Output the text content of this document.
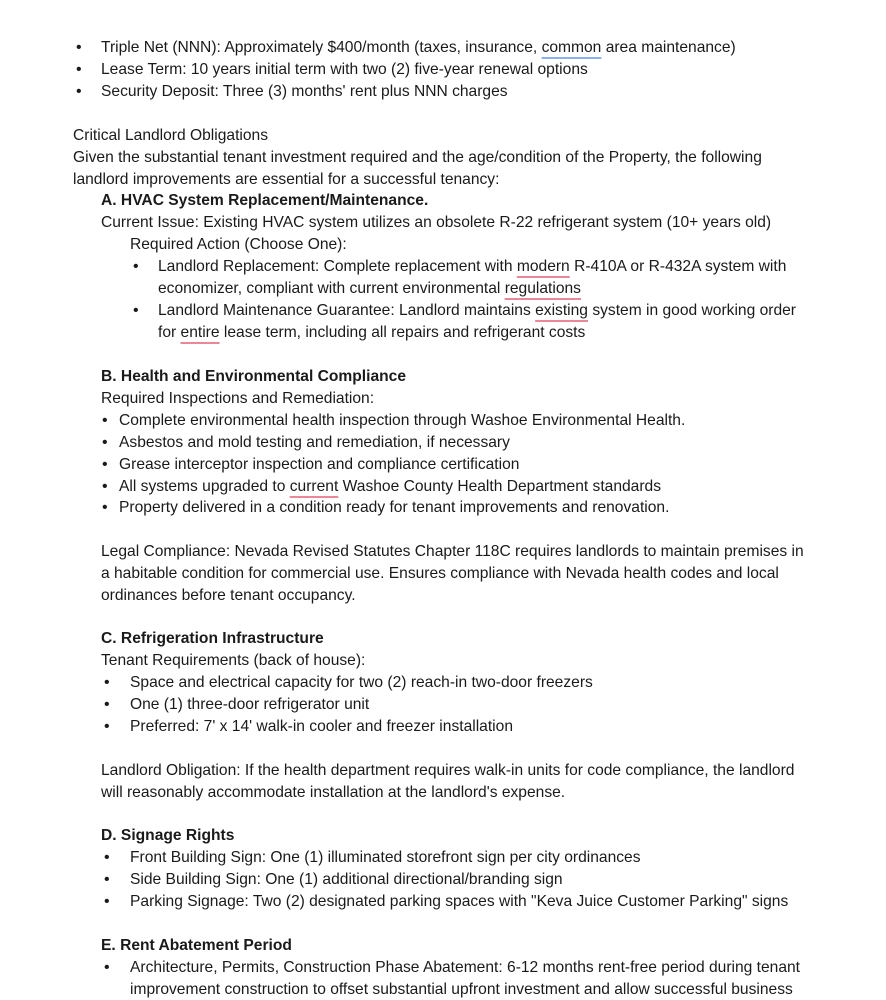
• Triple Net (NNN): Approximately $400/month (taxes, insurance, common area maintenance)
• Lease Term: 10 years initial term with two (2) five-year renewal options
• Security Deposit: Three (3) months' rent plus NNN charges
Critical Landlord Obligations
Given the substantial tenant investment required and the age/condition of the Property, the following
landlord improvements are essential for a successful tenancy:
A. HVAC System Replacement/Maintenance.
Current Issue: Existing HVAC system utilizes an obsolete R-22 refrigerant system (10+ years old)
Required Action (Choose One):
• Landlord Replacement: Complete replacement with modern R-410A or R-432A system with
economizer, compliant with current environmental regulations
• Landlord Maintenance Guarantee: Landlord maintains existing system in good working order
for entire lease term, including all repairs and refrigerant costs
B. Health and Environmental Compliance
Required Inspections and Remediation:
• Complete environmental health inspection through Washoe Environmental Health.
• Asbestos and mold testing and remediation, if necessary
• Grease interceptor inspection and compliance certification
• All systems upgraded to current Washoe County Health Department standards
• Property delivered in a condition ready for tenant improvements and renovation.
Legal Compliance: Nevada Revised Statutes Chapter 118C requires landlords to maintain premises in
a habitable condition for commercial use. Ensures compliance with Nevada health codes and local
ordinances before tenant occupancy.
C. Refrigeration Infrastructure
Tenant Requirements (back of house):
• Space and electrical capacity for two (2) reach-in two-door freezers
• One (1) three-door refrigerator unit
• Preferred: 7' x 14' walk-in cooler and freezer installation
Landlord Obligation: If the health department requires walk-in units for code compliance, the landlord
will reasonably accommodate installation at the landlord's expense.
D. Signage Rights
• Front Building Sign: One (1) illuminated storefront sign per city ordinances
• Side Building Sign: One (1) additional directional/branding sign
• Parking Signage: Two (2) designated parking spaces with "Keva Juice Customer Parking" signs
E. Rent Abatement Period
• Architecture, Permits, Construction Phase Abatement: 6-12 months rent-free period during tenant
improvement construction to offset substantial upfront investment and allow successful business
